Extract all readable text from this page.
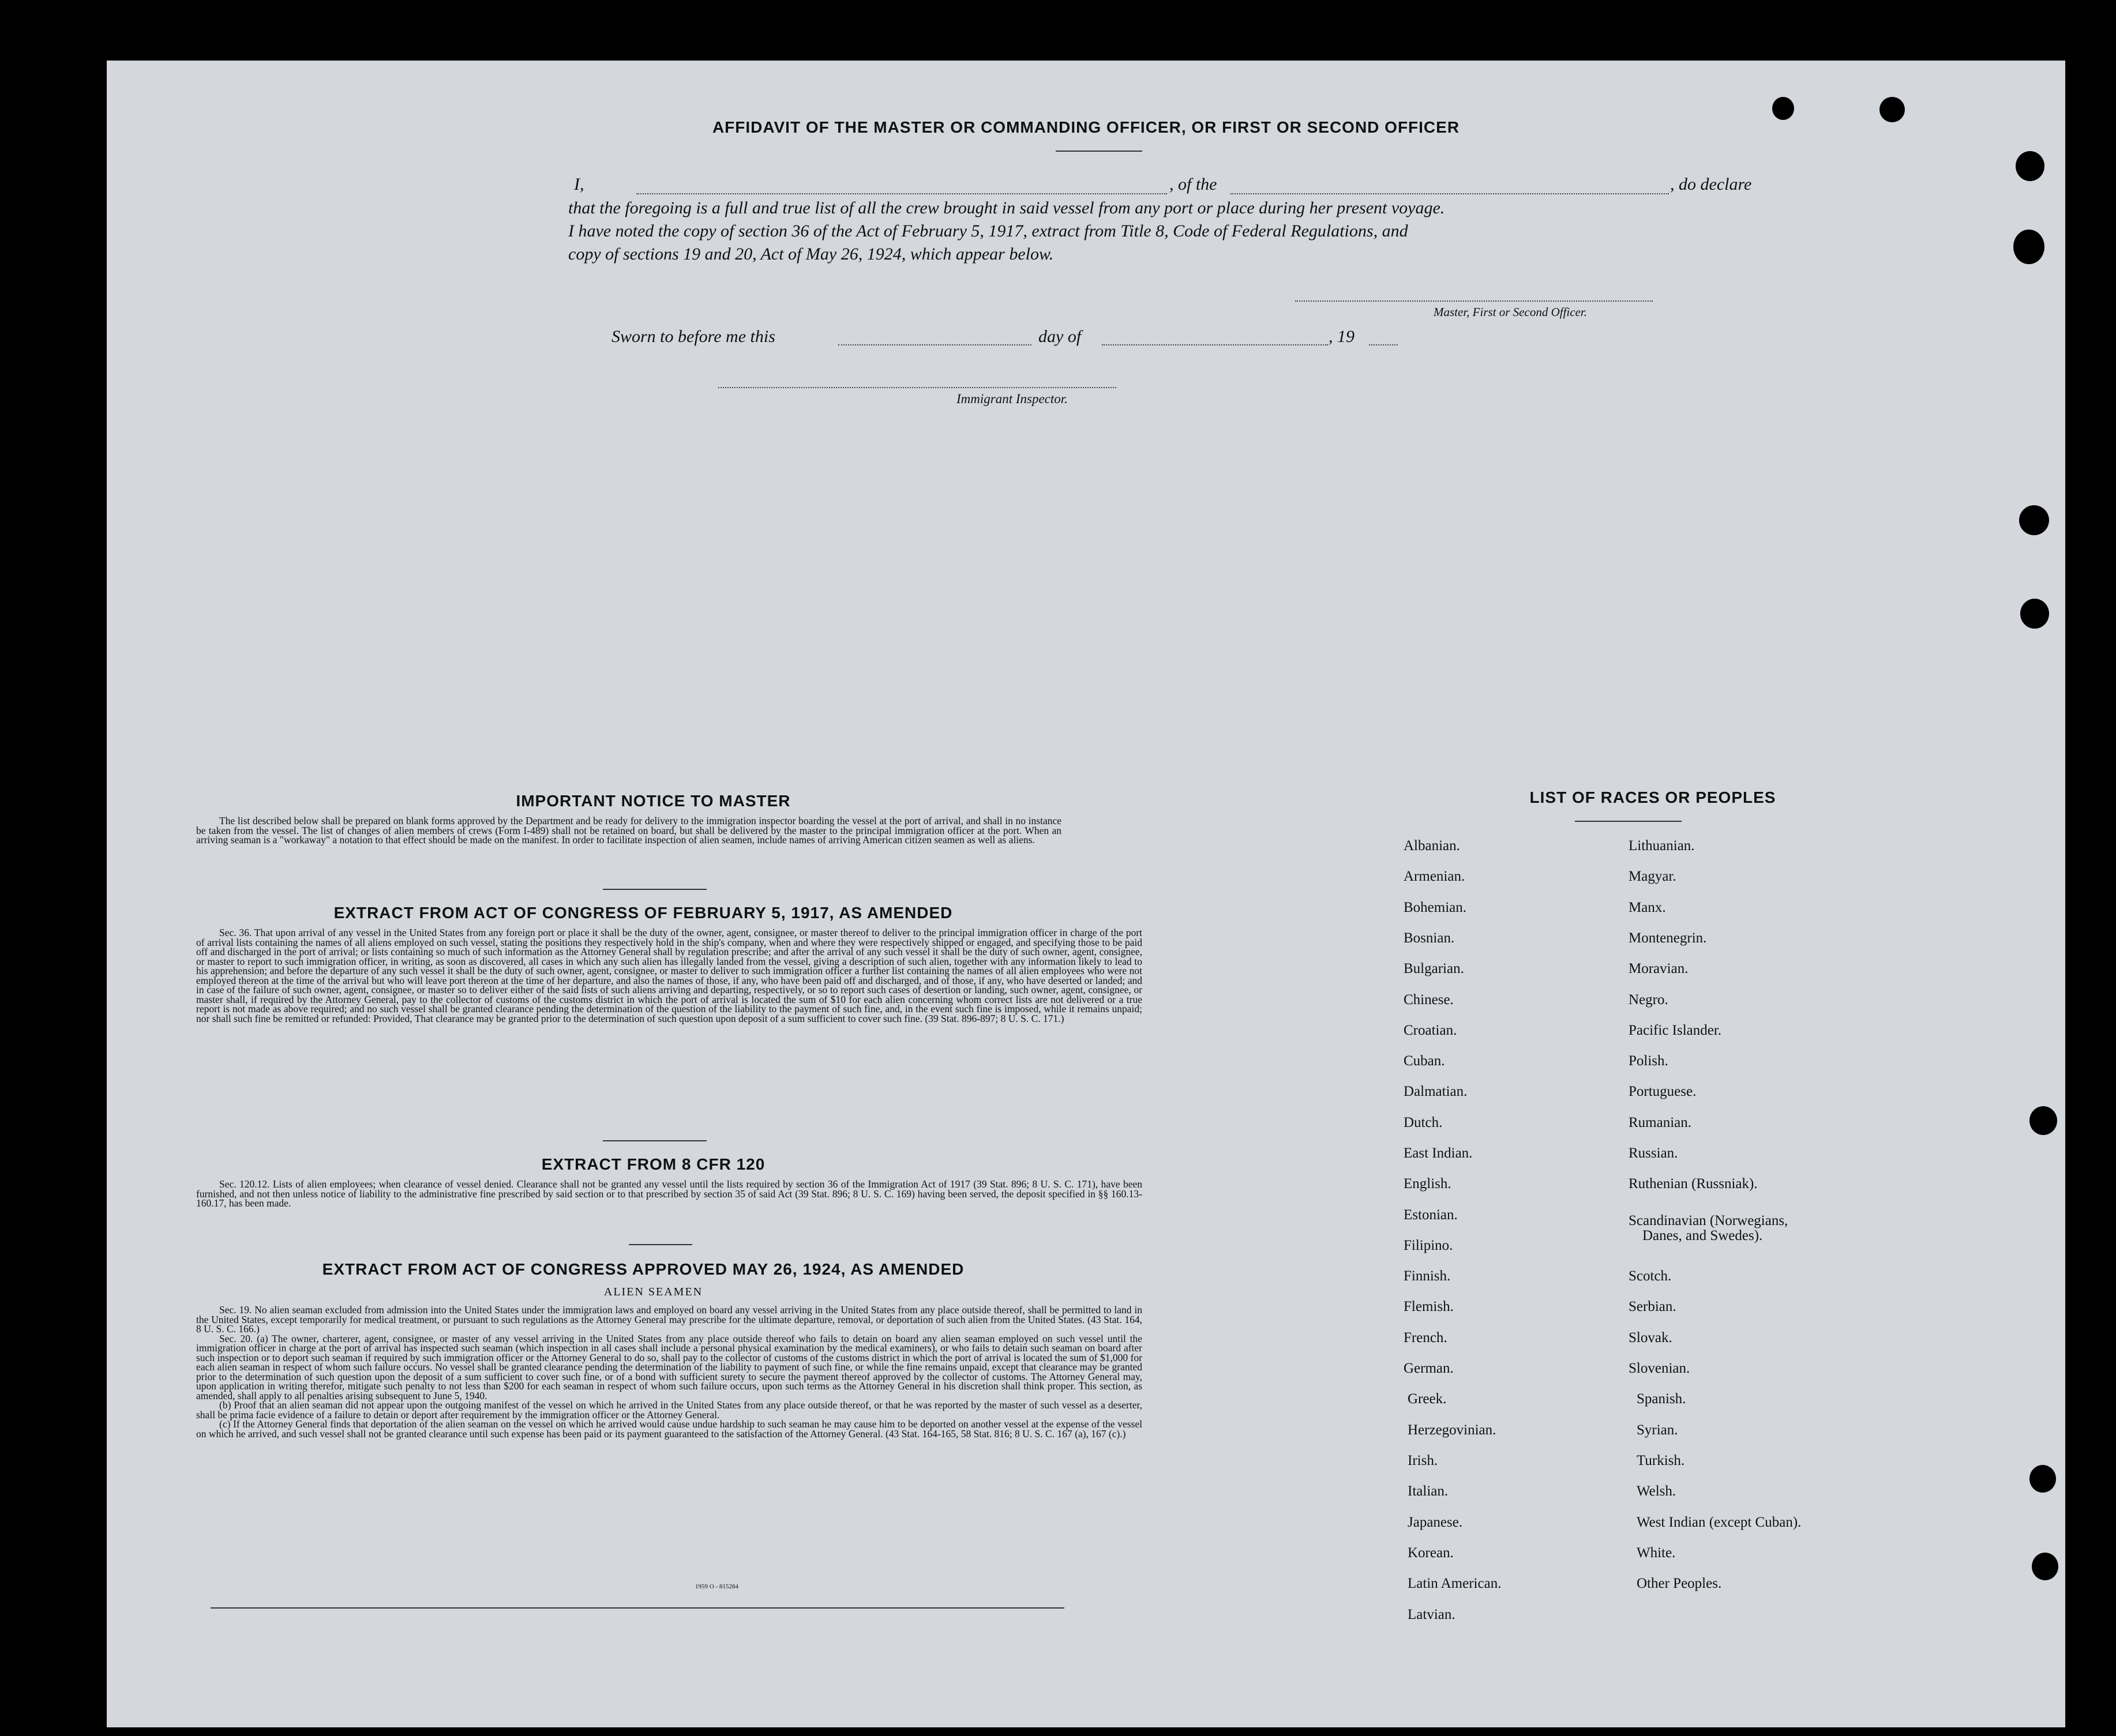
AFFIDAVIT OF THE MASTER OR COMMANDING OFFICER, OR FIRST OR SECOND OFFICER
I,	, of the	, do declare
that the foregoing is a full and true list of all the crew brought in said vessel from any port or place during her present voyage.
I have noted the copy of section 36 of the Act of February 5, 1917, extract from Title 8, Code of Federal Regulations, and
copy of sections 19 and 20, Act of May 26, 1924, which appear below.
Master, First or Second Officer.
Sworn to before me this	day of	, 19
Immigrant Inspector.
IMPORTANT NOTICE TO MASTER

The list described below shall be prepared on blank forms approved by the Department and be ready for delivery to the immigration inspector boarding the vessel at the port of arrival, and shall in no instance be taken from the vessel. The list of changes of alien members of crews (Form I-489) shall not be retained on board, but shall be delivered by the master to the principal immigration officer at the port. When an arriving seaman is a "workaway" a notation to that effect should be made on the manifest. In order to facilitate inspection of alien seamen, include names of arriving American citizen seamen as well as aliens.

EXTRACT FROM ACT OF CONGRESS OF FEBRUARY 5, 1917, AS AMENDED

Sec. 36. That upon arrival of any vessel in the United States from any foreign port or place it shall be the duty of the owner, agent, consignee, or master thereof to deliver to the principal immigration officer in charge of the port of arrival lists containing the names of all aliens employed on such vessel, stating the positions they respectively hold in the ship's company, when and where they were respectively shipped or engaged, and specifying those to be paid off and discharged in the port of arrival; or lists containing so much of such information as the Attorney General shall by regulation prescribe; and after the arrival of any such vessel it shall be the duty of such owner, agent, consignee, or master to report to such immigration officer, in writing, as soon as discovered, all cases in which any such alien has illegally landed from the vessel, giving a description of such alien, together with any information likely to lead to his apprehension; and before the departure of any such vessel it shall be the duty of such owner, agent, consignee, or master to deliver to such immigration officer a further list containing the names of all alien employees who were not employed thereon at the time of the arrival but who will leave port thereon at the time of her departure, and also the names of those, if any, who have been paid off and discharged, and of those, if any, who have deserted or landed; and in case of the failure of such owner, agent, consignee, or master so to deliver either of the said lists of such aliens arriving and departing, respectively, or so to report such cases of desertion or landing, such owner, agent, consignee, or master shall, if required by the Attorney General, pay to the collector of customs of the customs district in which the port of arrival is located the sum of $10 for each alien concerning whom correct lists are not delivered or a true report is not made as above required; and no such vessel shall be granted clearance pending the determination of the question of the liability to the payment of such fine, and, in the event such fine is imposed, while it remains unpaid; nor shall such fine be remitted or refunded: Provided, That clearance may be granted prior to the determination of such question upon deposit of a sum sufficient to cover such fine. (39 Stat. 896-897; 8 U. S. C. 171.)

EXTRACT FROM 8 CFR 120

Sec. 120.12. Lists of alien employees; when clearance of vessel denied. Clearance shall not be granted any vessel until the lists required by section 36 of the Immigration Act of 1917 (39 Stat. 896; 8 U. S. C. 171), have been furnished, and not then unless notice of liability to the administrative fine prescribed by said section or to that prescribed by section 35 of said Act (39 Stat. 896; 8 U. S. C. 169) having been served, the deposit specified in §§ 160.13-160.17, has been made.

EXTRACT FROM ACT OF CONGRESS APPROVED MAY 26, 1924, AS AMENDED
ALIEN SEAMEN

Sec. 19. No alien seaman excluded from admission into the United States under the immigration laws and employed on board any vessel arriving in the United States from any place outside thereof, shall be permitted to land in the United States, except temporarily for medical treatment, or pursuant to such regulations as the Attorney General may prescribe for the ultimate departure, removal, or deportation of such alien from the United States. (43 Stat. 164, 8 U. S. C. 166.)

Sec. 20. (a) The owner, charterer, agent, consignee, or master of any vessel arriving in the United States from any place outside thereof who fails to detain on board any alien seaman employed on such vessel until the immigration officer in charge at the port of arrival has inspected such seaman (which inspection in all cases shall include a personal physical examination by the medical examiners), or who fails to detain such seaman on board after such inspection or to deport such seaman if required by such immigration officer or the Attorney General to do so, shall pay to the collector of customs of the customs district in which the port of arrival is located the sum of $1,000 for each alien seaman in respect of whom such failure occurs. No vessel shall be granted clearance pending the determination of the liability to payment of such fine, or while the fine remains unpaid, except that clearance may be granted prior to the determination of such question upon the deposit of a sum sufficient to cover such fine, or of a bond with sufficient surety to secure the payment thereof approved by the collector of customs. The Attorney General may, upon application in writing therefor, mitigate such penalty to not less than $200 for each seaman in respect of whom such failure occurs, upon such terms as the Attorney General in his discretion shall think proper. This section, as amended, shall apply to all penalties arising subsequent to June 5, 1940.

(b) Proof that an alien seaman did not appear upon the outgoing manifest of the vessel on which he arrived in the United States from any place outside thereof, or that he was reported by the master of such vessel as a deserter, shall be prima facie evidence of a failure to detain or deport after requirement by the immigration officer or the Attorney General.

(c) If the Attorney General finds that deportation of the alien seaman on the vessel on which he arrived would cause undue hardship to such seaman he may cause him to be deported on another vessel at the expense of the vessel on which he arrived, and such vessel shall not be granted clearance until such expense has been paid or its payment guaranteed to the satisfaction of the Attorney General. (43 Stat. 164-165, 58 Stat. 816; 8 U. S. C. 167 (a), 167 (c).)

1959 O - 815284
LIST OF RACES OR PEOPLES
Albanian.
Armenian.
Bohemian.
Bosnian.
Bulgarian.
Chinese.
Croatian.
Cuban.
Dalmatian.
Dutch.
East Indian.
English.
Estonian.
Filipino.
Finnish.
Flemish.
French.
German.
Greek.
Herzegovinian.
Irish.
Italian.
Japanese.
Korean.
Latin American.
Latvian.
Lithuanian.
Magyar.
Manx.
Montenegrin.
Moravian.
Negro.
Pacific Islander.
Polish.
Portuguese.
Rumanian.
Russian.
Ruthenian (Russniak).
Scandinavian (Norwegians,
Danes, and Swedes).
Scotch.
Serbian.
Slovak.
Slovenian.
Spanish.
Syrian.
Turkish.
Welsh.
West Indian (except Cuban).
White.
Other Peoples.
